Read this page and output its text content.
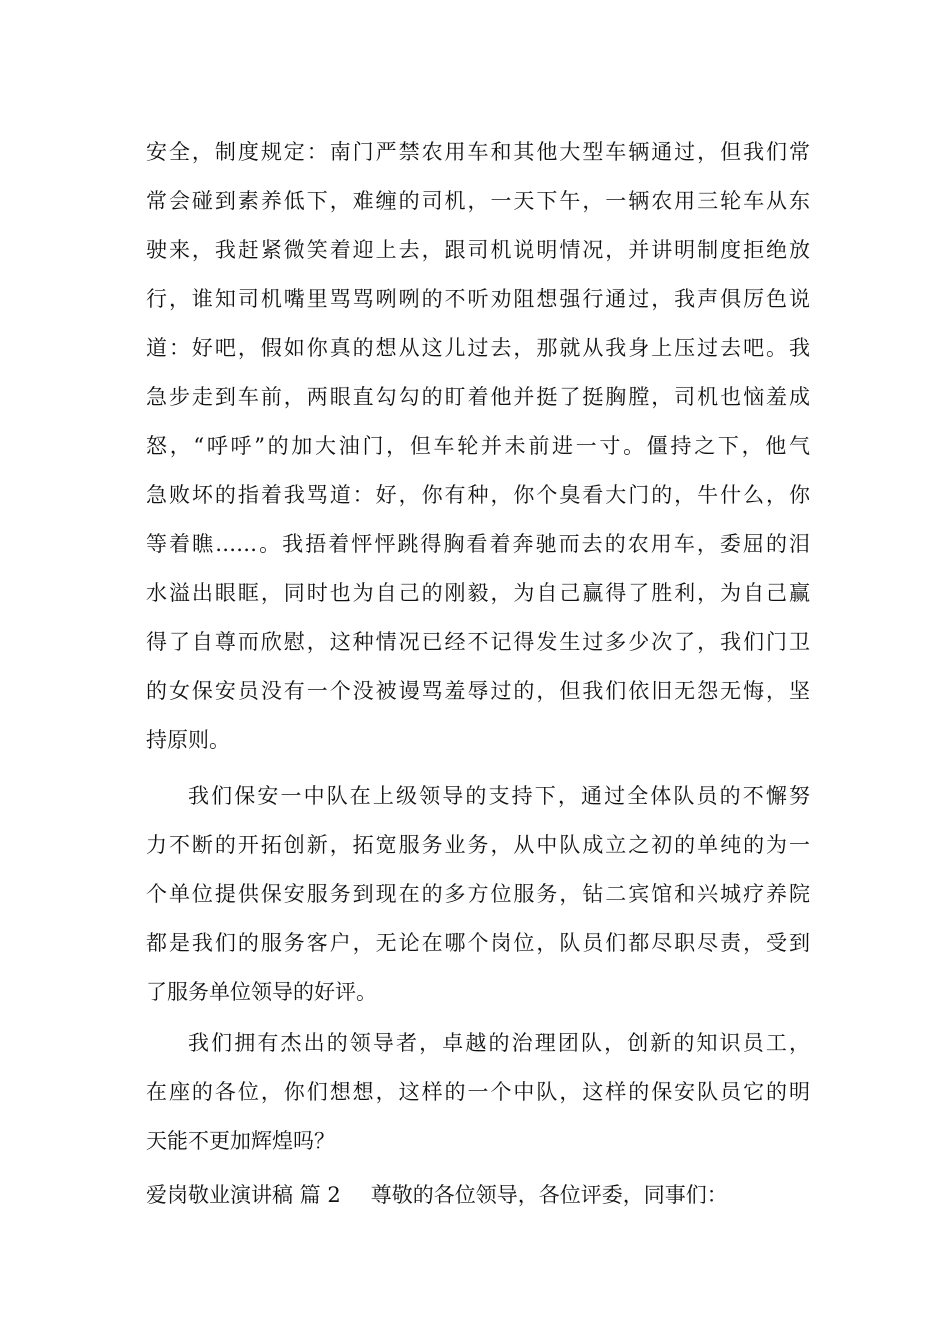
安全，制度规定：南门严禁农用车和其他大型车辆通过，但我们常
常会碰到素养低下，难缠的司机，一天下午，一辆农用三轮车从东
驶来，我赶紧微笑着迎上去，跟司机说明情况，并讲明制度拒绝放
行，谁知司机嘴里骂骂咧咧的不听劝阻想强行通过，我声俱厉色说
道：好吧，假如你真的想从这儿过去，那就从我身上压过去吧。我
急步走到车前，两眼直勾勾的盯着他并挺了挺胸膛，司机也恼羞成
怒，“呼呼”的加大油门，但车轮并未前进一寸。僵持之下，他气
急败坏的指着我骂道：好，你有种，你个臭看大门的，牛什么，你
等着瞧……。我捂着怦怦跳得胸看着奔驰而去的农用车，委屈的泪
水溢出眼眶，同时也为自己的刚毅，为自己赢得了胜利，为自己赢
得了自尊而欣慰，这种情况已经不记得发生过多少次了，我们门卫
的女保安员没有一个没被谩骂羞辱过的，但我们依旧无怨无悔，坚
持原则。
我们保安一中队在上级领导的支持下，通过全体队员的不懈努
力不断的开拓创新，拓宽服务业务，从中队成立之初的单纯的为一
个单位提供保安服务到现在的多方位服务，钻二宾馆和兴城疗养院
都是我们的服务客户，无论在哪个岗位，队员们都尽职尽责，受到
了服务单位领导的好评。
我们拥有杰出的领导者，卓越的治理团队，创新的知识员工，
在座的各位，你们想想，这样的一个中队，这样的保安队员它的明
天能不更加辉煌吗？
爱岗敬业演讲稿 篇 2 尊敬的各位领导，各位评委，同事们：
